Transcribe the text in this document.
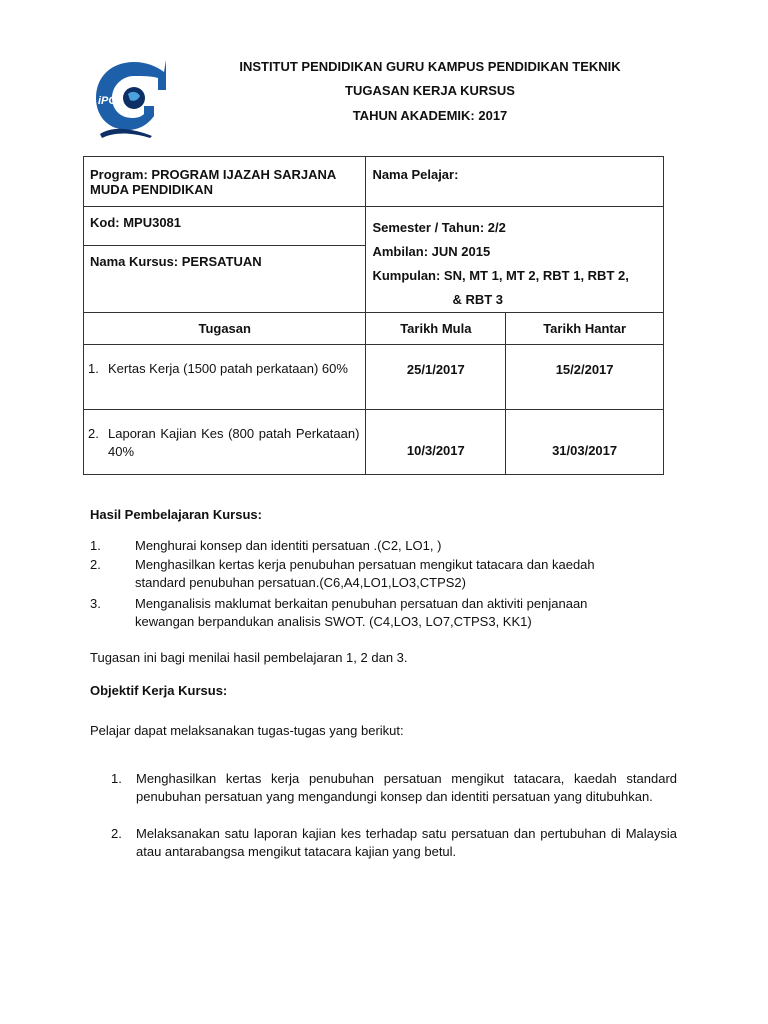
iPG
INSTITUT PENDIDIKAN GURU KAMPUS PENDIDIKAN TEKNIK
TUGASAN KERJA KURSUS
TAHUN AKADEMIK: 2017
Program: PROGRAM IJAZAH SARJANA MUDA PENDIDIKAN	Nama Pelajar:	
Kod: MPU3081	Semester / Tahun: 2/2
Ambilan: JUN 2015
Kumpulan: SN, MT 1, MT 2, RBT 1, RBT 2,
& RBT 3	

Nama Kursus: PERSATUAN		
Tugasan	Tarikh Mula	Tarikh Hantar

1. Kertas Kerja (1500 patah perkataan) 60%	25/1/2017	15/2/2017

2. Laporan Kajian Kes (800 patah Perkataan) 40%	10/3/2017	31/03/2017
Hasil Pembelajaran Kursus:
1.	Menghurai konsep dan identiti persatuan .(C2, LO1, )
2.	Menghasilkan kertas kerja penubuhan persatuan mengikut tatacara dan kaedah standard penubuhan persatuan.(C6,A4,LO1,LO3,CTPS2)
3.	Menganalisis maklumat berkaitan penubuhan persatuan dan aktiviti penjanaan kewangan berpandukan analisis SWOT. (C4,LO3, LO7,CTPS3, KK1)
Tugasan ini bagi menilai hasil pembelajaran 1, 2 dan 3.
Objektif Kerja Kursus:
Pelajar dapat melaksanakan tugas-tugas yang berikut:
1. Menghasilkan kertas kerja penubuhan persatuan mengikut tatacara, kaedah standard penubuhan persatuan yang mengandungi konsep dan identiti persatuan yang ditubuhkan.
2. Melaksanakan satu laporan kajian kes terhadap satu persatuan dan pertubuhan di Malaysia atau antarabangsa mengikut tatacara kajian yang betul.
